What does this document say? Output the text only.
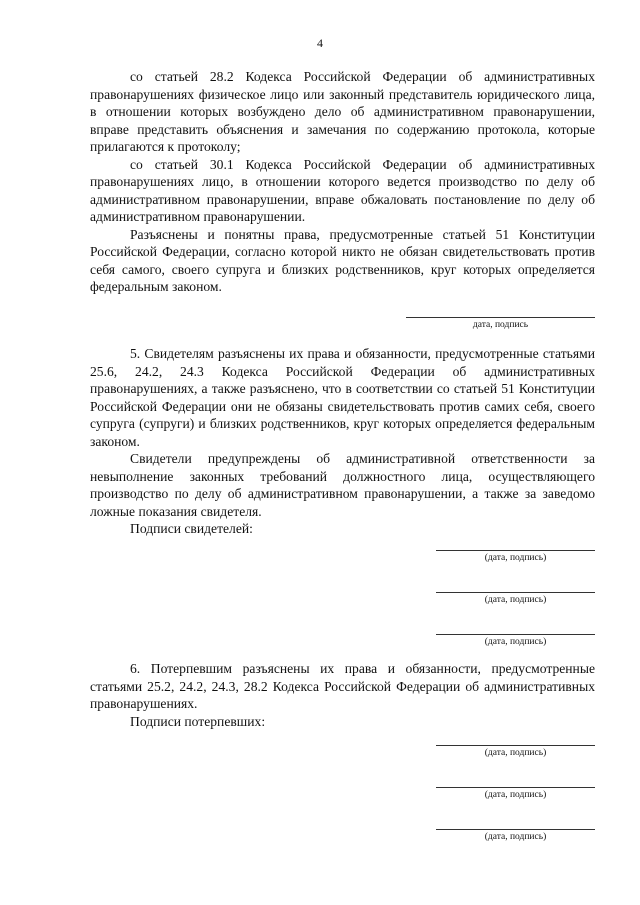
4

со статьей 28.2 Кодекса Российской Федерации об административных правонарушениях физическое лицо или законный представитель юридического лица, в отношении которых возбуждено дело об административном правонарушении, вправе представить объяснения и замечания по содержанию протокола, которые прилагаются к протоколу;

со статьей 30.1 Кодекса Российской Федерации об административных правонарушениях лицо, в отношении которого ведется производство по делу об административном правонарушении, вправе обжаловать постановление по делу об административном правонарушении.

Разъяснены и понятны права, предусмотренные статьей 51 Конституции Российской Федерации, согласно которой никто не обязан свидетельствовать против себя самого, своего супруга и близких родственников, круг которых определяется федеральным законом.

дата, подпись

5. Свидетелям разъяснены их права и обязанности, предусмотренные статьями 25.6, 24.2, 24.3 Кодекса Российской Федерации об административных правонарушениях, а также разъяснено, что в соответствии со статьей 51 Конституции Российской Федерации они не обязаны свидетельствовать против самих себя, своего супруга (супруги) и близких родственников, круг которых определяется федеральным законом.

Свидетели предупреждены об административной ответственности за невыполнение законных требований должностного лица, осуществляющего производство по делу об административном правонарушении, а также за заведомо ложные показания свидетеля.

Подписи свидетелей:

(дата, подпись)
(дата, подпись)
(дата, подпись)

6. Потерпевшим разъяснены их права и обязанности, предусмотренные статьями 25.2, 24.2, 24.3, 28.2 Кодекса Российской Федерации об административных правонарушениях.

Подписи потерпевших:

(дата, подпись)
(дата, подпись)
(дата, подпись)
